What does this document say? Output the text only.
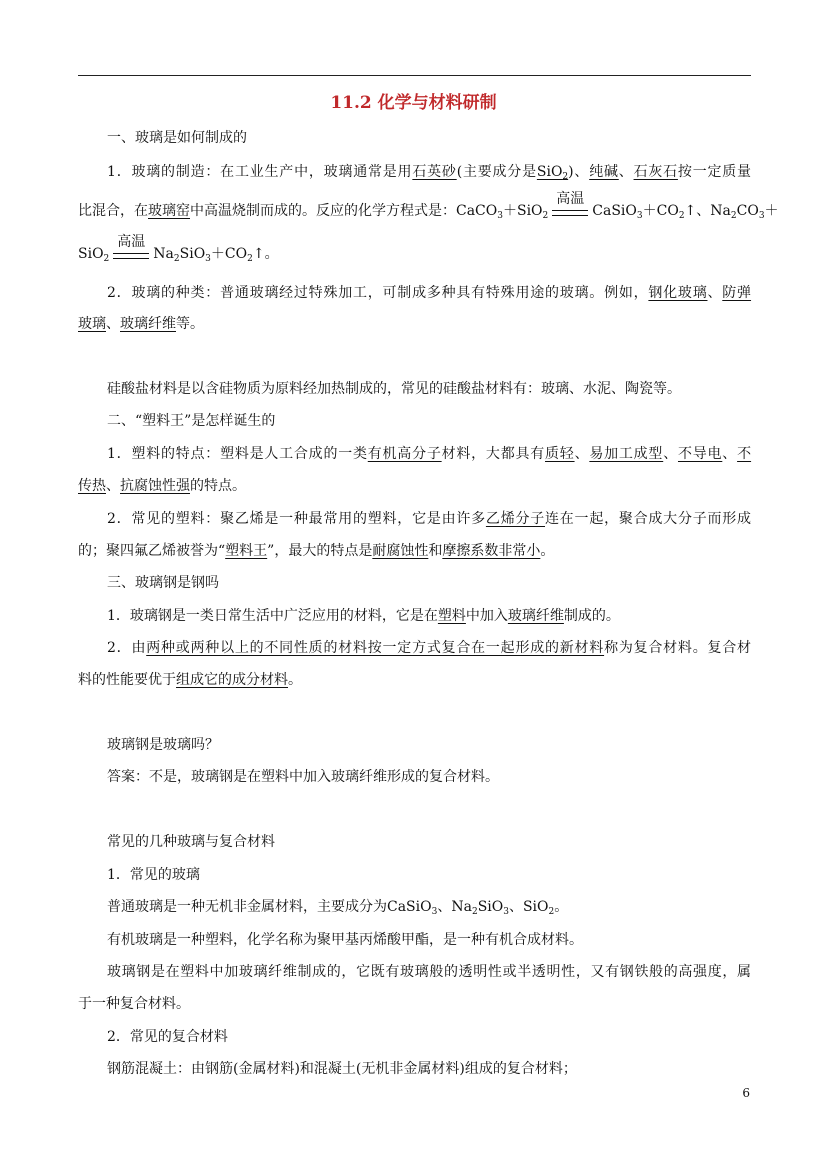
11.2 化学与材料研制
一、玻璃是如何制成的
1．玻璃的制造：在工业生产中，玻璃通常是用石英砂(主要成分是SiO$_2$)、纯碱、石灰石按一定质量
比混合，在玻璃窑中高温烧制而成的。反应的化学方程式是：CaCO$_3$＋SiO$_2$
高温
$CaSiO_3+CO_2↑$、$Na_2CO_3+$
SiO$_2$
高温
$Na_2SiO_3+CO_2↑$。
2．玻璃的种类：普通玻璃经过特殊加工，可制成多种具有特殊用途的玻璃。例如，钢化玻璃、防弹
玻璃、玻璃纤维等。
硅酸盐材料是以含硅物质为原料经加热制成的，常见的硅酸盐材料有：玻璃、水泥、陶瓷等。
二、“塑料王”是怎样诞生的
1．塑料的特点：塑料是人工合成的一类有机高分子材料，大都具有质轻、易加工成型、不导电、不
传热、抗腐蚀性强的特点。
2．常见的塑料：聚乙烯是一种最常用的塑料，它是由许多乙烯分子连在一起，聚合成大分子而形成
的；聚四氟乙烯被誉为“塑料王”，最大的特点是耐腐蚀性和摩擦系数非常小。
三、玻璃钢是钢吗
1．玻璃钢是一类日常生活中广泛应用的材料，它是在塑料中加入玻璃纤维制成的。
2．由两种或两种以上的不同性质的材料按一定方式复合在一起形成的新材料称为复合材料。复合材
料的性能要优于组成它的成分材料。
玻璃钢是玻璃吗？
答案：不是，玻璃钢是在塑料中加入玻璃纤维形成的复合材料。
常见的几种玻璃与复合材料
1．常见的玻璃
普通玻璃是一种无机非金属材料，主要成分为CaSiO$_3$、$Na_2SiO_3$、SiO$_2$。
有机玻璃是一种塑料，化学名称为聚甲基丙烯酸甲酯，是一种有机合成材料。
玻璃钢是在塑料中加玻璃纤维制成的，它既有玻璃般的透明性或半透明性，又有钢铁般的高强度，属
于一种复合材料。
2．常见的复合材料
钢筋混凝土：由钢筋(金属材料)和混凝土(无机非金属材料)组成的复合材料；
6
